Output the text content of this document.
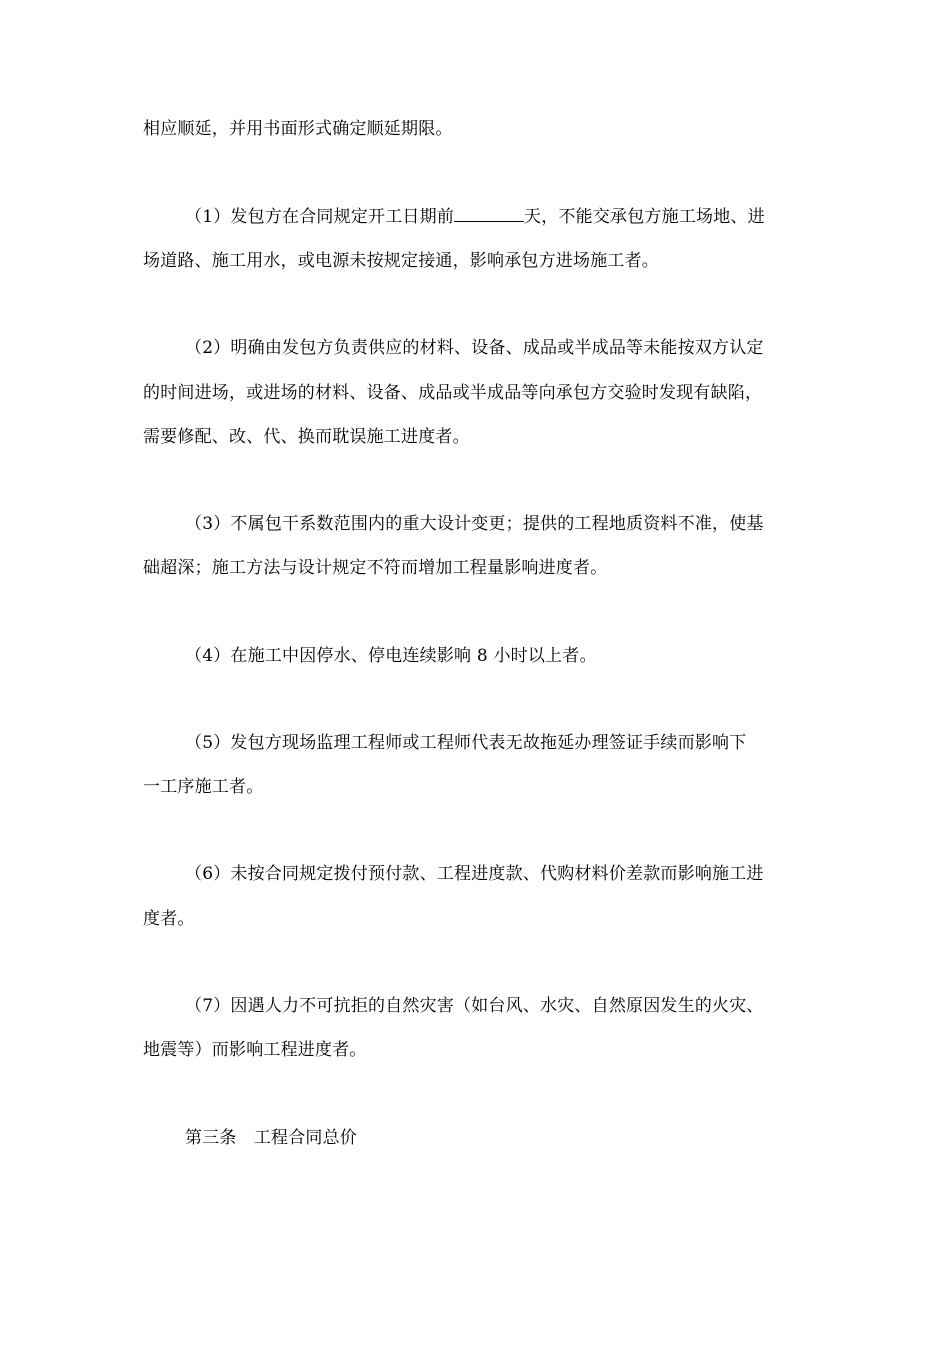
相应顺延，并用书面形式确定顺延期限。
（1）发包方在合同规定开工日期前	天，不能交承包方施工场地、进
场道路、施工用水，或电源未按规定接通，影响承包方进场施工者。
（2）明确由发包方负责供应的材料、设备、成品或半成品等未能按双方认定
的时间进场，或进场的材料、设备、成品或半成品等向承包方交验时发现有缺陷，
需要修配、改、代、换而耽误施工进度者。
（3）不属包干系数范围内的重大设计变更；提供的工程地质资料不准，使基
础超深；施工方法与设计规定不符而增加工程量影响进度者。
（4）在施工中因停水、停电连续影响 8 小时以上者。
（5）发包方现场监理工程师或工程师代表无故拖延办理签证手续而影响下
一工序施工者。
（6）未按合同规定拨付预付款、工程进度款、代购材料价差款而影响施工进
度者。
（7）因遇人力不可抗拒的自然灾害（如台风、水灾、自然原因发生的火灾、
地震等）而影响工程进度者。
第三条　工程合同总价
